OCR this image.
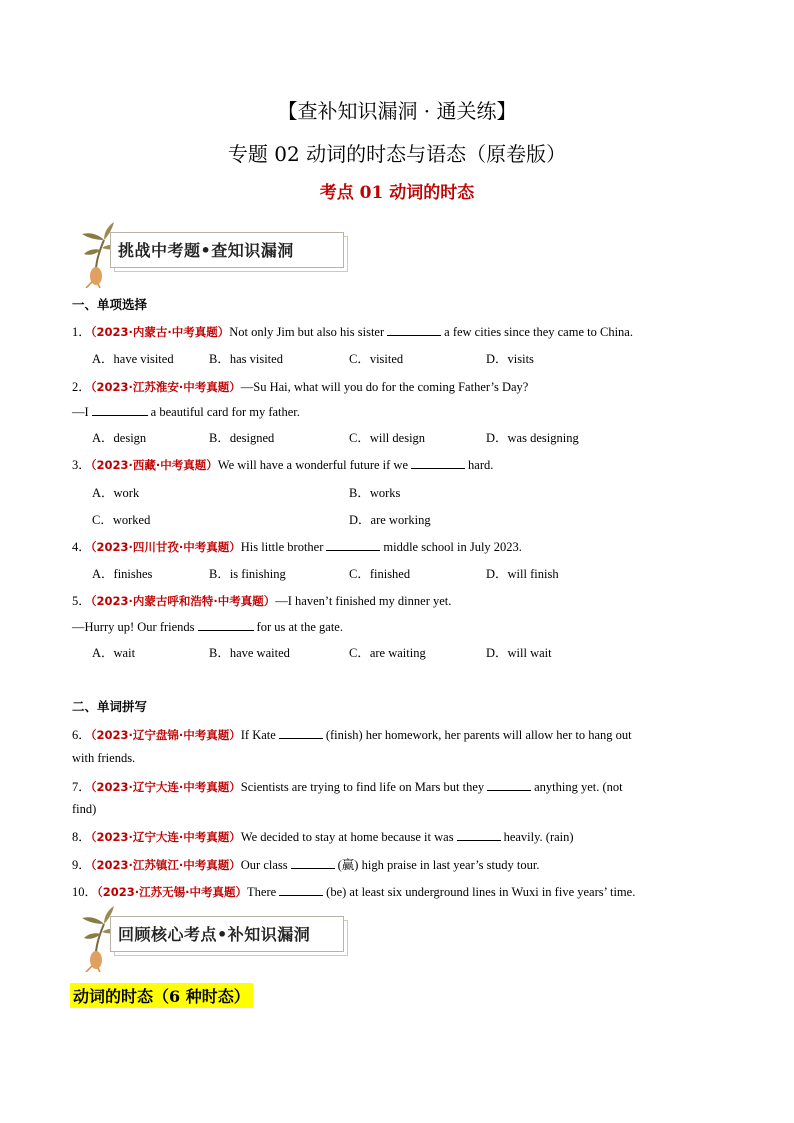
【查补知识漏洞 · 通关练】
专题 02 动词的时态与语态（原卷版）
考点 01 动词的时态
挑战中考题•查知识漏洞
一、单项选择
1．（2023·内蒙古·中考真题）Not only Jim but also his sister	a few cities since they came to China.
A．have visited	B．has visited	C．visited	D．visits
2．（2023·江苏淮安·中考真题）—Su Hai, what will you do for the coming Father’s Day?
—I	a beautiful card for my father.
A．design	B．designed	C．will design	D．was designing
3．（2023·西藏·中考真题）We will have a wonderful future if we	hard.
A．work	B．works
C．worked	D．are working
4．（2023·四川甘孜·中考真题）His little brother	middle school in July 2023.
A．finishes	B．is finishing	C．finished	D．will finish
5．（2023·内蒙古呼和浩特·中考真题）—I haven’t finished my dinner yet.
—Hurry up! Our friends	for us at the gate.
A．wait	B．have waited	C．are waiting	D．will wait
二、单词拼写
6．（2023·辽宁盘锦·中考真题）If Kate	(finish) her homework, her parents will allow her to hang out
with friends.
7．（2023·辽宁大连·中考真题）Scientists are trying to find life on Mars but they	anything yet. (not
find)
8．（2023·辽宁大连·中考真题）We decided to stay at home because it was	heavily. (rain)
9．（2023·江苏镇江·中考真题）Our class	(赢) high praise in last year’s study tour.
10．（2023·江苏无锡·中考真题）There	(be) at least six underground lines in Wuxi in five years’ time.
回顾核心考点•补知识漏洞
动词的时态（6 种时态）
